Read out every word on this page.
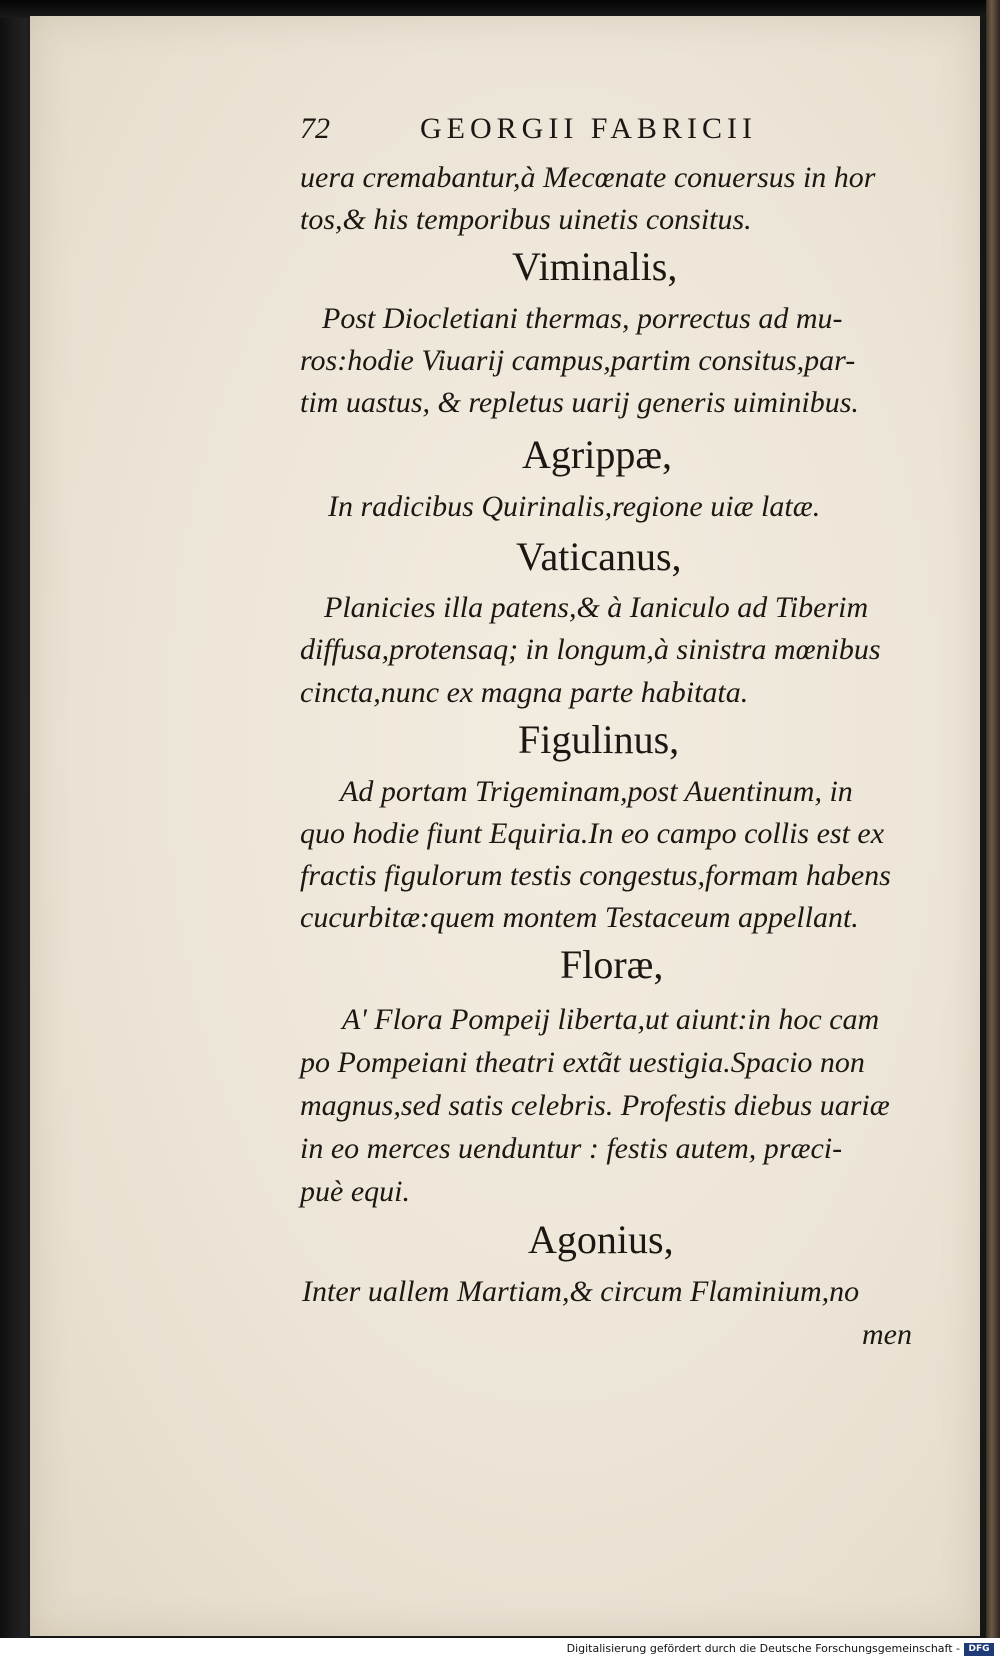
72	GEORGII FABRICII
uera cremabantur,à Mecœnate conuersus in hor
tos,& his temporibus uinetis consitus.
Viminalis,
Post Diocletiani thermas, porrectus ad mu-
ros:hodie Viuarij campus,partim consitus,par-
tim uastus, & repletus uarij generis uiminibus.
Agrippæ,
In radicibus Quirinalis,regione uiæ latæ.
Vaticanus,
Planicies illa patens,& à Ianiculo ad Tiberim
diffusa,protensaq; in longum,à sinistra mœnibus
cincta,nunc ex magna parte habitata.
Figulinus,
Ad portam Trigeminam,post Auentinum, in
quo hodie fiunt Equiria.In eo campo collis est ex
fractis figulorum testis congestus,formam habens
cucurbitæ:quem montem Testaceum appellant.
Floræ,
A' Flora Pompeij liberta,ut aiunt:in hoc cam
po Pompeiani theatri extãt uestigia.Spacio non
magnus,sed satis celebris. Profestis diebus uariæ
in eo merces uenduntur : festis autem, præci-
puè equi.
Agonius,
Inter uallem Martiam,& circum Flaminium,no
men
Digitalisierung gefördert durch die Deutsche Forschungsgemeinschaft - DFG
